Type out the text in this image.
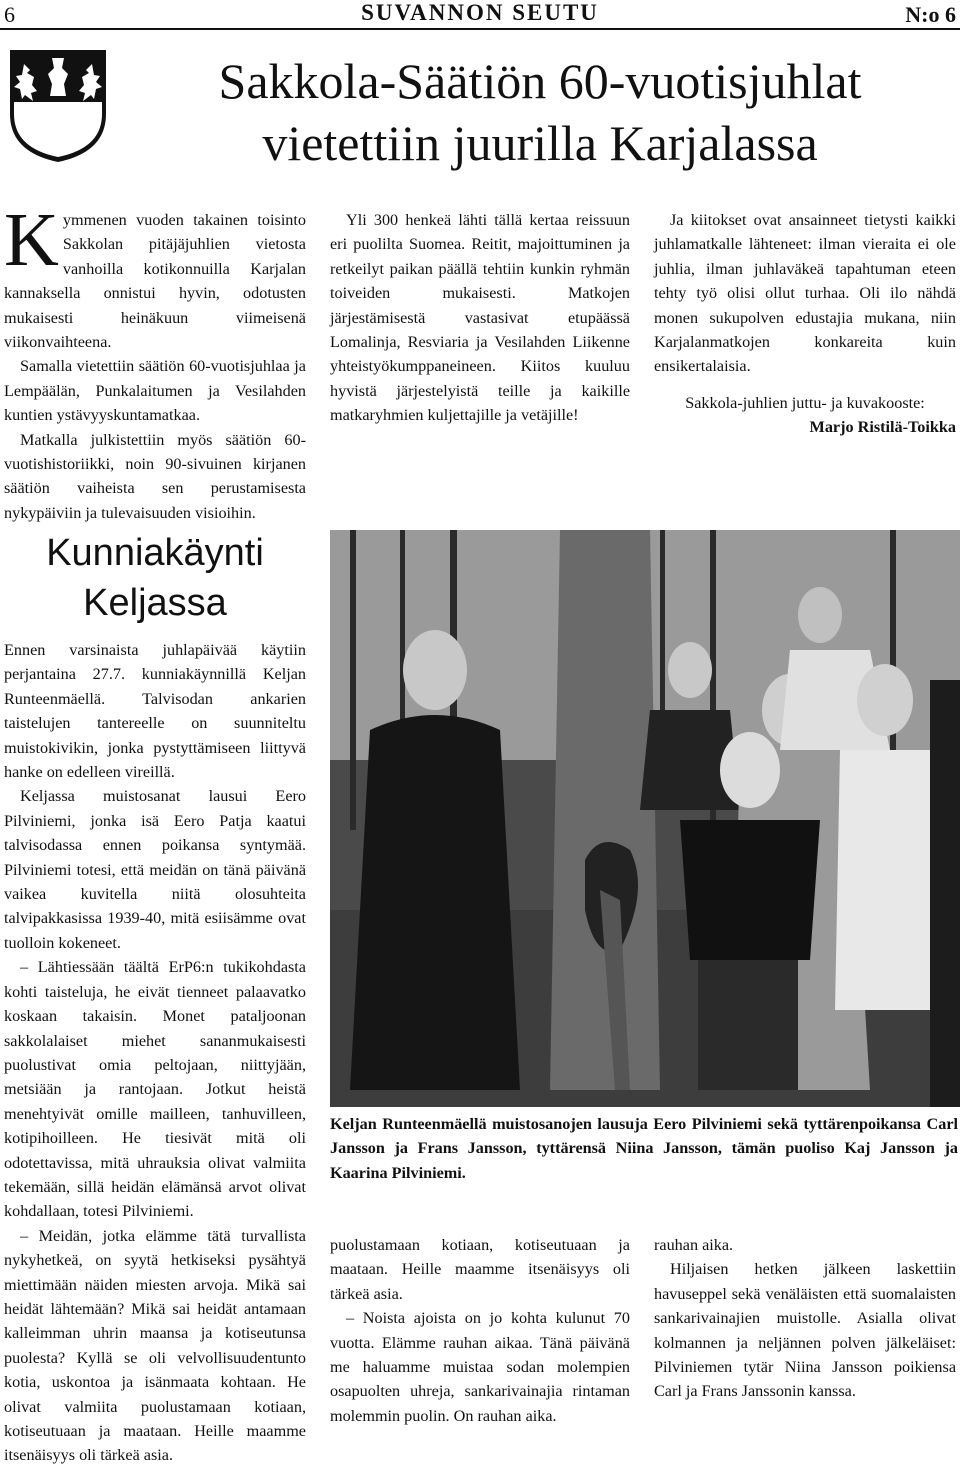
6	SUVANNON SEUTU	N:o 6
Sakkola-Säätiön 60-vuotisjuhlat
vietettiin juurilla Karjalassa

Kymmenen vuoden takainen toisinto Sakkolan pitäjäjuhlien vietosta vanhoilla kotikonnuilla Karjalan kannaksella onnistui hyvin, odotusten mukaisesti heinäkuun viimeisenä viikonvaihteena.

Samalla vietettiin säätiön 60-vuotisjuhlaa ja Lempäälän, Punkalaitumen ja Vesilahden kuntien ystävyyskuntamatkaa.

Matkalla julkistettiin myös säätiön 60-vuotishistoriikki, noin 90-sivuinen kirjanen säätiön vaiheista sen perustamisesta nykypäiviin ja tulevaisuuden visioihin.

Yli 300 henkeä lähti tällä kertaa reissuun eri puolilta Suomea. Reitit, majoittuminen ja retkeilyt paikan päällä tehtiin kunkin ryhmän toiveiden mukaisesti. Matkojen järjestämisestä vastasivat etupäässä Lomalinja, Resviaria ja Vesilahden Liikenne yhteistyökumppaneineen. Kiitos kuuluu hyvistä järjestelyistä teille ja kaikille matkaryhmien kuljettajille ja vetäjille!

Ja kiitokset ovat ansainneet tietysti kaikki juhlamatkalle lähteneet: ilman vieraita ei ole juhlia, ilman juhlaväkeä tapahtuman eteen tehty työ olisi ollut turhaa. Oli ilo nähdä monen sukupolven edustajia mukana, niin Karjalanmatkojen konkareita kuin ensikertalaisia.

Sakkola-juhlien juttu- ja kuvakooste:

Marjo Ristilä-Toikka

Kunniakäynti
Keljassa

Ennen varsinaista juhlapäivää käytiin perjantaina 27.7. kunniakäynnillä Keljan Runteenmäellä. Talvisodan ankarien taistelujen tantereelle on suunniteltu muistokivikin, jonka pystyttämiseen liittyvä hanke on edelleen vireillä.

Keljassa muistosanat lausui Eero Pilviniemi, jonka isä Eero Patja kaatui talvisodassa ennen poikansa syntymää. Pilviniemi totesi, että meidän on tänä päivänä vaikea kuvitella niitä olosuhteita talvipakkasissa 1939-40, mitä esiisämme ovat tuolloin kokeneet.

– Lähtiessään täältä ErP6:n tukikohdasta kohti taisteluja, he eivät tienneet palaavatko koskaan takaisin. Monet pataljoonan sakkolalaiset miehet sananmukaisesti puolustivat omia peltojaan, niittyjään, metsiään ja rantojaan. Jotkut heistä menehtyivät omille mailleen, tanhuvilleen, kotipihoilleen. He tiesivät mitä oli odotettavissa, mitä uhrauksia olivat valmiita tekemään, sillä heidän elämänsä arvot olivat kohdallaan, totesi Pilviniemi.

– Meidän, jotka elämme tätä turvallista nykyhetkeä, on syytä hetkiseksi pysähtyä miettimään näiden miesten arvoja. Mikä sai heidät lähtemään? Mikä sai heidät antamaan kalleimman uhrin maansa ja kotiseutunsa puolesta? Kyllä se oli velvollisuudentunto kotia, uskontoa ja isänmaata kohtaan. He olivat valmiita puolustamaan kotiaan, kotiseutuaan ja maataan. Heille maamme itsenäisyys oli tärkeä asia.

Keljan Runteenmäellä muistosanojen lausuja Eero Pilviniemi sekä tyttärenpoikansa Carl Jansson ja Frans Jansson, tyttärensä Niina Jansson, tämän puoliso Kaj Jansson ja Kaarina Pilviniemi.

puolustamaan kotiaan, kotiseutuaan ja maataan. Heille maamme itsenäisyys oli tärkeä asia.

– Noista ajoista on jo kohta kulunut 70 vuotta. Elämme rauhan aikaa. Tänä päivänä me haluamme muistaa sodan molempien osapuolten uhreja, sankarivainajia rintaman molemmin puolin. On rauhan aika.

rauhan aika.

Hiljaisen hetken jälkeen laskettiin havuseppel sekä venäläisten että suomalaisten sankarivainajien muistolle. Asialla olivat kolmannen ja neljännen polven jälkeläiset: Pilviniemen tytär Niina Jansson poikiensa Carl ja Frans Janssonin kanssa.
